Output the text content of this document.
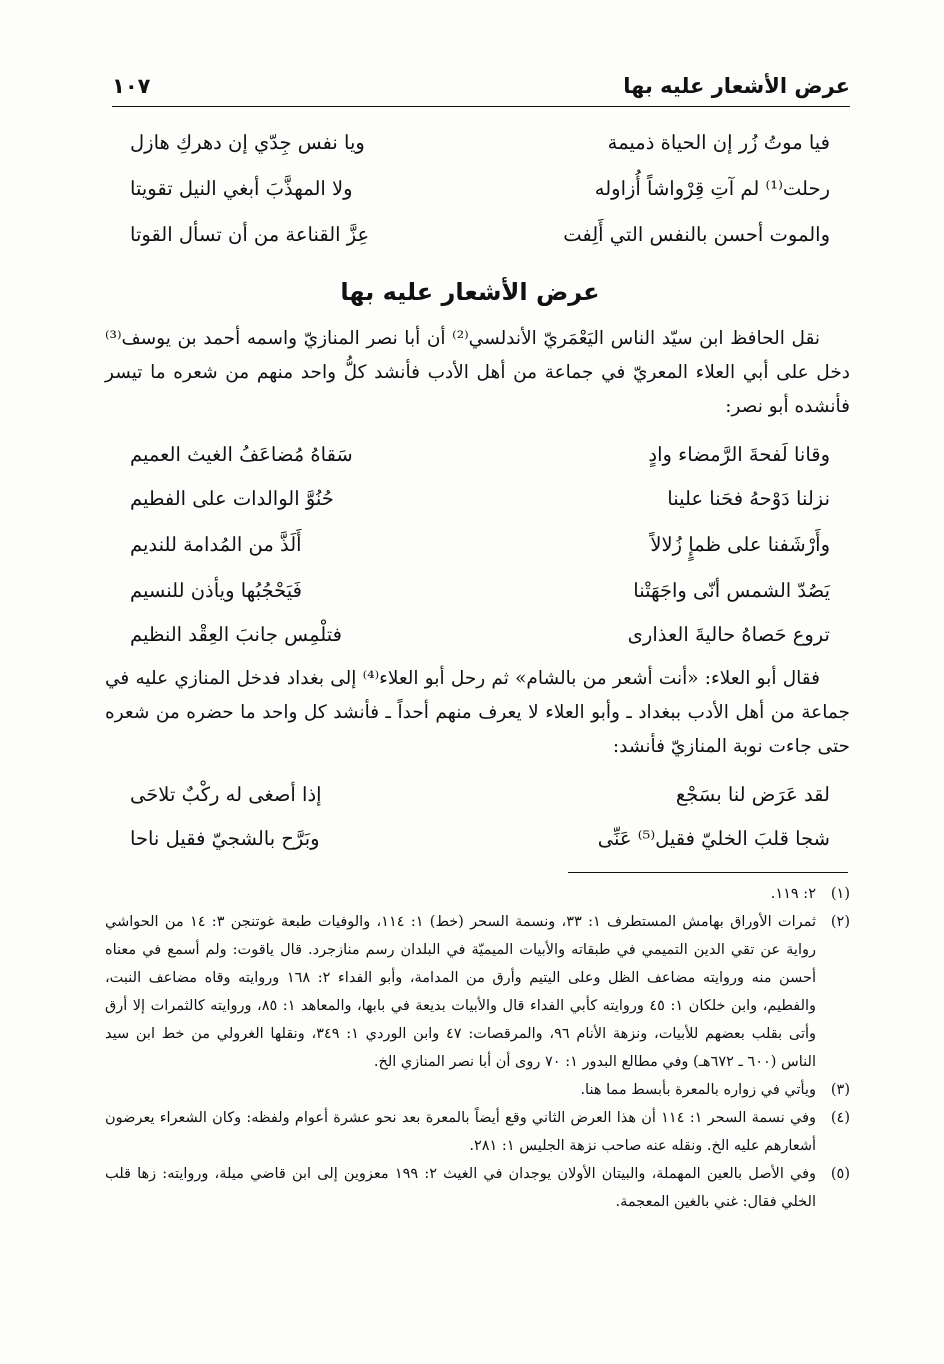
عرض الأشعار عليه بها
١٠٧
فيا موتُ زُر إن الحياة ذميمة
ويا نفس جِدّي إن دهركِ هازل
رحلت⁽¹⁾ لم آتِ قِرْواشاً أُزاوله
ولا المهذَّبَ أبغي النيل تقويتا
والموت أحسن بالنفس التي أَلِفت
عِزَّ القناعة من أن تسأل القوتا
عرض الأشعار عليه بها

نقل الحافظ ابن سيّد الناس اليَعْمَريّ الأندلسي⁽²⁾ أن أبا نصر المنازيّ واسمه أحمد بن يوسف⁽³⁾ دخل على أبي العلاء المعريّ في جماعة من أهل الأدب فأنشد كلُّ واحد منهم من شعره ما تيسر فأنشده أبو نصر:

وقانا لَفحةَ الرَّمضاء وادٍ
سَقاهُ مُضاعَفُ الغيث العميم
نزلنا دَوْحهُ فحَنا علينا
حُنُوَّ الوالدات على الفطيم
وأَرْشَفنا على ظمإٍ زُلالاً
أَلَذَّ من المُدامة للنديم
يَصُدّ الشمس أنّى واجَهَتْنا
فَيَحْجُبُها ويأذن للنسيم
تروع حَصاهُ حاليةَ العذارى
فتلْمِس جانبَ العِقْد النظيم

فقال أبو العلاء: «أنت أشعر من بالشام» ثم رحل أبو العلاء⁽⁴⁾ إلى بغداد فدخل المنازي عليه في جماعة من أهل الأدب ببغداد ـ وأبو العلاء لا يعرف منهم أحداً ـ فأنشد كل واحد ما حضره من شعره حتى جاءت نوبة المنازيّ فأنشد:

لقد عَرَض لنا بسَجْع
إذا أصغى له ركْبٌ تلاحَى
شجا قلبَ الخليّ فقيل⁽⁵⁾ عَنِّى
وبَرَّح بالشجيّ فقيل ناحا
(١)
٢: ١١٩.
(٢)
ثمرات الأوراق بهامش المستطرف ١: ٣٣، ونسمة السحر (خط) ١: ١١٤، والوفيات طبعة غوتنجن ٣: ١٤ من الحواشي رواية عن تقي الدين التميمي في طبقاته والأبيات الميميّة في البلدان رسم منازجرد. قال ياقوت: ولم أسمع في معناه أحسن منه وروايته مضاعف الظل وعلى اليتيم وأرق من المدامة، وأبو الفداء ٢: ١٦٨ وروايته وقاه مضاعف النبت، والفطيم، وابن خلكان ١: ٤٥ وروايته كأبي الفداء قال والأبيات بديعة في بابها، والمعاهد ١: ٨٥، وروايته كالثمرات إلا أرق وأتى بقلب بعضهم للأبيات، ونزهة الأنام ٩٦، والمرقصات: ٤٧ وابن الوردي ١: ٣٤٩، ونقلها الغرولي من خط ابن سيد الناس (٦٠٠ ـ ٦٧٢هـ) وفي مطالع البدور ١: ٧٠ روى أن أبا نصر المنازي الخ.
(٣)
ويأتي في زواره بالمعرة بأبسط مما هنا.
(٤)
وفي نسمة السحر ١: ١١٤ أن هذا العرض الثاني وقع أيضاً بالمعرة بعد نحو عشرة أعوام ولفظه: وكان الشعراء يعرضون أشعارهم عليه الخ. ونقله عنه صاحب نزهة الجليس ١: ٢٨١.
(٥)
وفي الأصل بالعين المهملة، والبيتان الأولان يوجدان في الغيث ٢: ١٩٩ معزوين إلى ابن قاضي ميلة، وروايته: زها قلب الخلي فقال: غني بالغين المعجمة.
